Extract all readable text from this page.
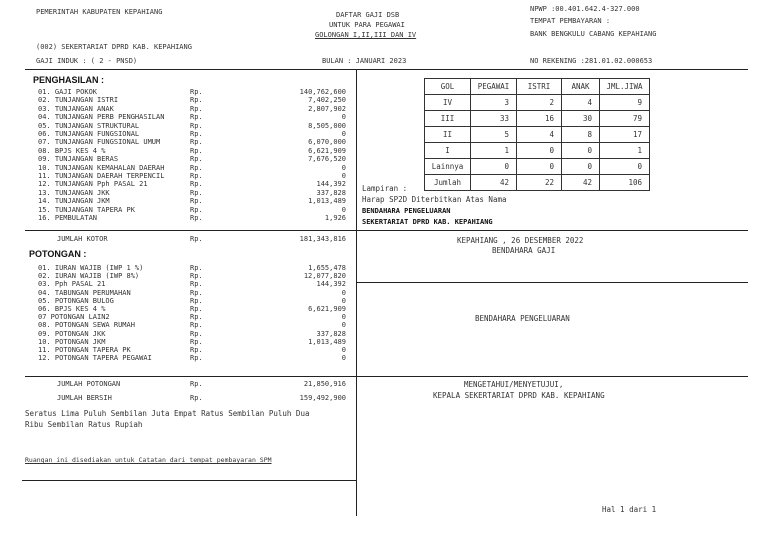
PEMERINTAH KABUPATEN KEPAHIANG	DAFTAR GAJI DSB
UNTUK PARA PEGAWAI
GOLONGAN I,II,III DAN IV
NPWP :00.401.642.4-327.000
TEMPAT PEMBAYARAN :
BANK BENGKULU CABANG KEPAHIANG
(002) SEKERTARIAT DPRD KAB. KEPAHIANG
GAJI INDUK : ( 2 - PNSD)	BULAN : JANUARI 2023	NO REKENING :281.01.02.000653
PENGHASILAN :
01. GAJI POKOK	Rp.	140,762,600
02. TUNJANGAN ISTRI	Rp.	7,402,250
03. TUNJANGAN ANAK	Rp.	2,807,902
04. TUNJANGAN PERB PENGHASILAN	Rp.	0
05. TUNJANGAN STRUKTURAL	Rp.	8,505,000
06. TUNJANGAN FUNGSIONAL	Rp.	0
07. TUNJANGAN FUNGSIONAL UMUM	Rp.	6,070,000
08. BPJS KES 4 %	Rp.	6,621,909
09. TUNJANGAN BERAS	Rp.	7,676,520
10. TUNJANGAN KEMAHALAN DAERAH	Rp.	0
11. TUNJANGAN DAERAH TERPENCIL	Rp.	0
12. TUNJANGAN Pph PASAL 21	Rp.	144,392
13. TUNJANGAN JKK	Rp.	337,828
14. TUNJANGAN JKM	Rp.	1,013,489
15. TUNJANGAN TAPERA PK	Rp.	0
16. PEMBULATAN	Rp.	1,926
JUMLAH KOTOR	Rp.	181,343,816
POTONGAN :
01. IURAN WAJIB (IWP 1 %)	Rp.	1,655,478
02. IURAN WAJIB (IWP 8%)	Rp.	12,077,820
03. Pph PASAL 21	Rp.	144,392
04. TABUNGAN PERUMAHAN	Rp.	0
05. POTONGAN BULOG	Rp.	0
06. BPJS KES 4 %	Rp.	6,621,909
07 POTONGAN LAIN2	Rp.	0
08. POTONGAN SEWA RUMAH	Rp.	0
09. POTONGAN JKK	Rp.	337,828
10. POTONGAN JKM	Rp.	1,013,489
11. POTONGAN TAPERA PK	Rp.	0
12. POTONGAN TAPERA PEGAWAI	Rp.	0
JUMLAH POTONGAN	Rp.	21,850,916
JUMLAH BERSIH	Rp.	159,492,900
Seratus Lima Puluh Sembilan Juta Empat Ratus Sembilan Puluh Dua
Ribu Sembilan Ratus Rupiah
Ruangan ini disediakan untuk Catatan dari tempat pembayaran SPM
GOL	PEGAWAI	ISTRI	ANAK	JML.JIWA
IV	3	2	4	9
III	33	16	30	79
II	5	4	8	17
I	1	0	0	1
Lainnya	0	0	0	0
Jumlah	42	22	42	106
Lampiran :
Harap SP2D Diterbitkan Atas Nama
BENDAHARA PENGELUARAN
SEKERTARIAT DPRD KAB. KEPAHIANG
KEPAHIANG , 26 DESEMBER 2022
BENDAHARA GAJI
BENDAHARA PENGELUARAN
MENGETAHUI/MENYETUJUI,
KEPALA SEKERTARIAT DPRD KAB. KEPAHIANG
Hal 1 dari 1
